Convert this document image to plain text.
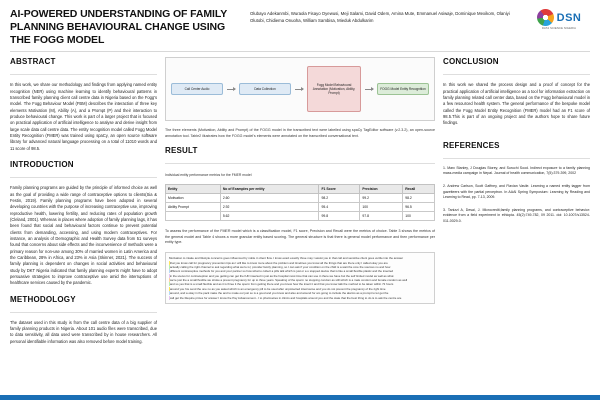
AI-POWERED UNDERSTANDING OF FAMILY PLANNING BEHAVIOURAL CHANGE USING THE FOGG MODEL
Olubayo Adekanmbi, Wuraola Fisayo Oyewusi, Meji Salami, David Odem, Amina Mute, Emmanuel Asiwaje, Dominique Mexikom, Olaniyi Olutobi, Chidiema Onuoha, William Sambisa, Mieduk Abdulkarim	DSN
DATA SCIENCE NIGERIA
ABSTRACT

In this work, we share our methodology and findings from applying named entity recognition (NER) using machine learning to identify behavioural patterns in transcribed family planning client call centre data in Nigeria based on the Fogg's model. The Fogg Behaviour Model (FBM) describes the interaction of three key elements Motivation (M), Ability (A), and a Prompt (P) and their interaction to produce behavioural change. This work is part of a larger project that is focused on practical application of artificial intelligence to analyse and derive insight from large scale data call centre data. The entity recognition model called Fogg Model Entity Recognition (FMER) was trained using spaCy, an open source software library for advanced natural language processing on a total of 11010 words and 11 score of 98.5.

INTRODUCTION

Family planning programs are guided by the principle of informed choice as well as the goal of providing a wide range of contraceptive options to clients(Sia & Festin, 2019). Family planning programs have been adopted in several developing countries with the purpose of increasing contraceptive use, improving reproductive health, lowering fertility, and reducing rates of population growth (Cleland, 2001). Whereas in places where adoption of family planning lags, it has been found that social and behavioural factors continue to prevent potential clients from demanding, accessing, and using modern contraceptives. For instance, an analysis of Demographic and Health Survey data from 51 surveys found that concerns about side effects and the inconvenience of methods were a primary reason for non-use among 30% of married women in Latin America and the Caribbean, 28% in Africa, and 23% in Asia (Skinner, 2021). The success of family planning is dependent on changes in social activities and behavioural study by DKT Nigeria indicated that family planning experts might have to adopt persuasive strategies to improve contraceptive use amid the interruptions of healthcare services caused by the pandemic.

METHODOLOGY

The dataset used in this study is from the call centre data of a big supplier of family planning products in Nigeria. About 101 audio files were transcribed, due to data sensitivity, all data used were transcribed by in house researchers. All personal identifiable information was also removed before model training.

Call Center Audio	Data Collection
Fogg Model Behavioural Annotation (Motivation, Ability, Prompt)
FOGG Model Entity Recognition

The three elements (Motivation, Ability and Prompt) of the FOGG model in the transcribed text were labelled using spaCy TagEditor software (v.2.3.2), an open-source annotation tool. Table2 illustrates how the FOGG model's elements were annotated on the transcribed conversational text.

RESULT

Individual entity performance metrics for the FMER model

Entity	No of Examples per entity	F1 Score	Precision	Recall
Motivation	2.60	98.2	99.2	98.2
Ability Prompt	2.92	95.4	100	96.5
	5.62	99.8	97.8	100

To assess the performance of the FMER model which is a classification model, F1 score, Precision and Recall were the metrics of choice. Table 3 shows the metrics of the general model and Table 4 shows a more granular entity based scoring. The general structure is that there is general model performance and then performance per entity type.

Motivation to intake and lifestyle concerns goes influenced by noble in client flow. I know exact exactly three may I assist you in that call and sensitive client goes vertile into the answer
that you know call for pregnancy prevention tips as I will like to know more about the problem and timelines you know all the things that are there only I called okay you are
actually calling the right channel to ask regarding what we're is | provider family planning, so I can ask if your condition on the child is a wait the core the sources no and how
different contraceptive methods for you and your partner so how what to collect a pills talk which is just or a u stopped device that is like a small flexible plastic and the inserted
in the uterus for contraception and you getting can get the IUD inserted in just as the hospital most time that can use in there we have but the self limited model as well as what
we're just the a small flexible we stroke a prevent pregnancy for up to three years. Speaking of the sperm no stopping condom as still which is a male condom and female condom as well
and so yes that is a small flexible and as it is three it the sperm from getting there and you know how the insert it and that you know talk the method to be taken within 72 hours
around you hre send the one no as you asked which is an emergency pill to be used after unprotected intercourse and you do not prevent the pregnancy of the right time
around, and a okay in the pack make the and to make our just so is a good and you know and also and around for am going to include the alarms as a prompt to let get the
call get the Require prices for answer I know the Pay Advancement - I to pharmacies in clinics and hospitals around you and the state that the best thing to do is to ask the centre are
CONCLUSION

In this work we shared the process design and a proof of concept for the practical application of artificial intelligence as a tool for information extraction on family planning related call center data, based on the Fogg behavioural model in a few resourced health system. The general performance of the bespoke model called the Fogg Model Entity Recognition (FMER) model had an F1 score of 98.5.This is part of an ongoing project and the authors hope to share future findings.

REFERENCES

1. Marc Stanley, J Douglas Storey, and Suruchi Sood. Indirect exposure to a family planning mass-media campaign in Nepal. Journal of health communication, 7(5):379-399, 2002

2. Andrew Carlson, Scott Gaffney, and Flavian Vasile. Learning a named entity tagger from gazetteers with the partial perceptron. In AAAI Spring Symposium: Learning by Reading and Learning to Read, pp. 7-13, 2009.

3. Tanizzi A, Desai, J. Microcredit,family planning programs, and contraceptive behavior: evidence from a field experiment in ethiopia. 45(2):749-782, 09 2011. doi: 10.1007/s13524-011-0029-0.
